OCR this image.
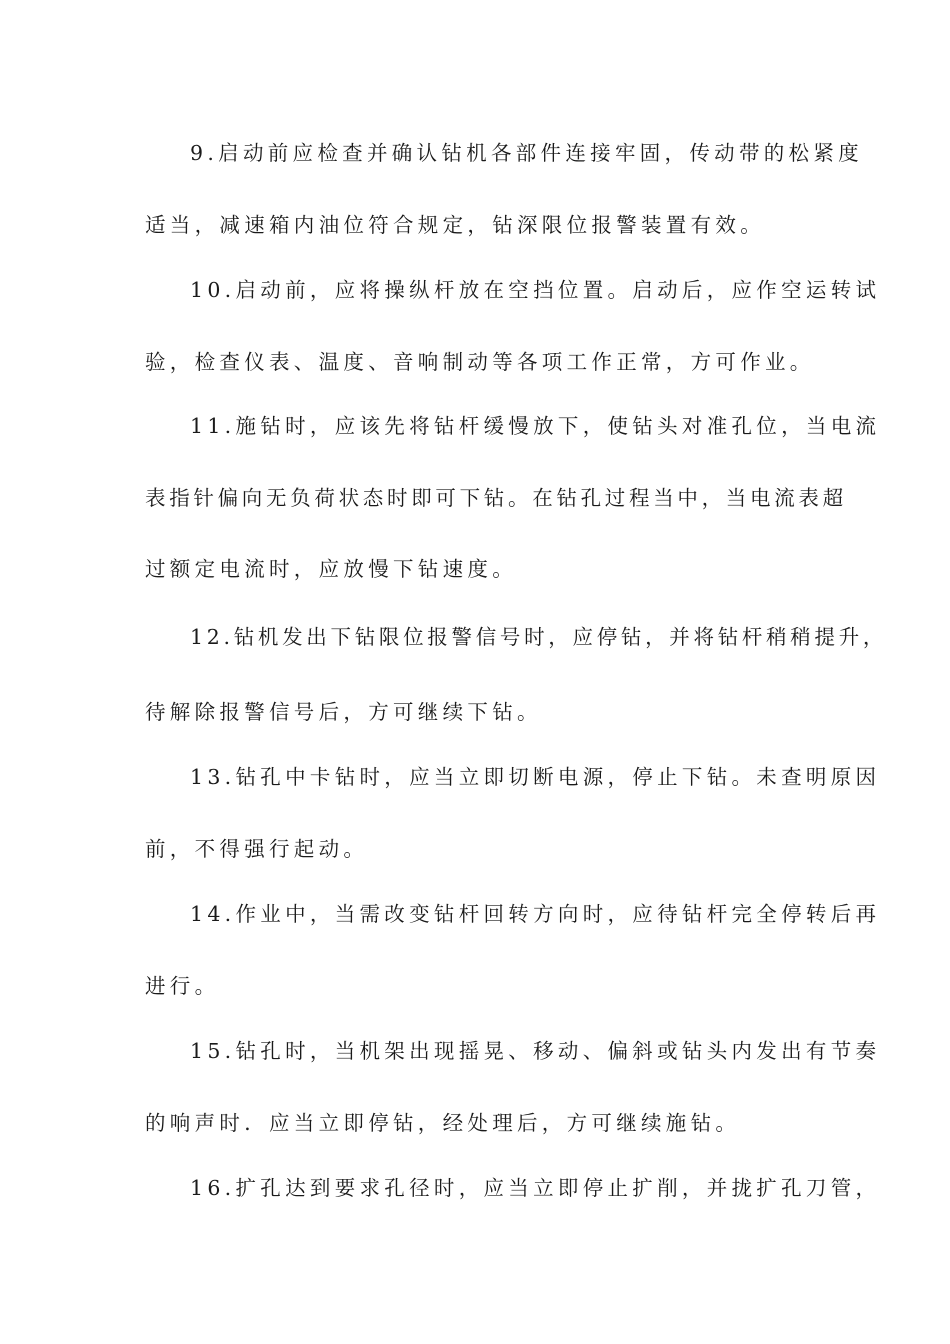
9.启动前应检查并确认钻机各部件连接牢固，传动带的松紧度
适当，减速箱内油位符合规定，钻深限位报警装置有效。
10.启动前，应将操纵杆放在空挡位置。启动后，应作空运转试
验，检查仪表、温度、音响制动等各项工作正常，方可作业。
11.施钻时，应该先将钻杆缓慢放下，使钻头对准孔位，当电流
表指针偏向无负荷状态时即可下钻。在钻孔过程当中，当电流表超
过额定电流时，应放慢下钻速度。
12.钻机发出下钻限位报警信号时，应停钻，并将钻杆稍稍提升，
待解除报警信号后，方可继续下钻。
13.钻孔中卡钻时，应当立即切断电源，停止下钻。未查明原因
前，不得强行起动。
14.作业中，当需改变钻杆回转方向时，应待钻杆完全停转后再
进行。
15.钻孔时，当机架出现摇晃、移动、偏斜或钻头内发出有节奏
的响声时．应当立即停钻，经处理后，方可继续施钻。
16.扩孔达到要求孔径时，应当立即停止扩削，并拢扩孔刀管，
